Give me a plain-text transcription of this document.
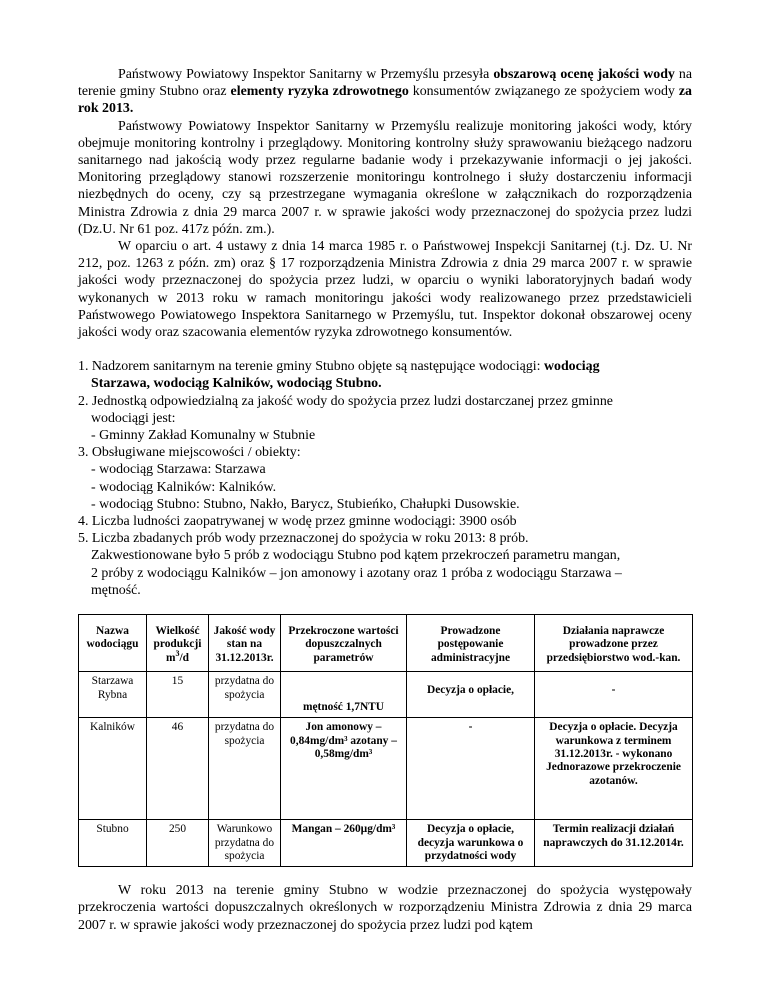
Państwowy Powiatowy Inspektor Sanitarny w Przemyślu przesyła obszarową ocenę jakości wody na terenie gminy Stubno oraz elementy ryzyka zdrowotnego konsumentów związanego ze spożyciem wody za rok 2013.

Państwowy Powiatowy Inspektor Sanitarny w Przemyślu realizuje monitoring jakości wody, który obejmuje monitoring kontrolny i przeglądowy. Monitoring kontrolny służy sprawowaniu bieżącego nadzoru sanitarnego nad jakością wody przez regularne badanie wody i przekazywanie informacji o jej jakości. Monitoring przeglądowy stanowi rozszerzenie monitoringu kontrolnego i służy dostarczeniu informacji niezbędnych do oceny, czy są przestrzegane wymagania określone w załącznikach do rozporządzenia Ministra Zdrowia z dnia 29 marca 2007 r. w sprawie jakości wody przeznaczonej do spożycia przez ludzi (Dz.U. Nr 61 poz. 417z późn. zm.).

W oparciu o art. 4 ustawy z dnia 14 marca 1985 r. o Państwowej Inspekcji Sanitarnej (t.j. Dz. U. Nr 212, poz. 1263 z późn. zm) oraz § 17 rozporządzenia Ministra Zdrowia z dnia 29 marca 2007 r. w sprawie jakości wody przeznaczonej do spożycia przez ludzi, w oparciu o wyniki laboratoryjnych badań wody wykonanych w 2013 roku w ramach monitoringu jakości wody realizowanego przez przedstawicieli Państwowego Powiatowego Inspektora Sanitarnego w Przemyślu, tut. Inspektor dokonał obszarowej oceny jakości wody oraz szacowania elementów ryzyka zdrowotnego konsumentów.

1. Nadzorem sanitarnym na terenie gminy Stubno objęte są następujące wodociągi: wodociąg
Starzawa, wodociąg Kalników, wodociąg Stubno.
2. Jednostką odpowiedzialną za jakość wody do spożycia przez ludzi dostarczanej przez gminne
wodociągi jest:
- Gminny Zakład Komunalny w Stubnie
3. Obsługiwane miejscowości / obiekty:
- wodociąg Starzawa: Starzawa
- wodociąg Kalników: Kalników.
- wodociąg Stubno: Stubno, Nakło, Barycz, Stubieńko, Chałupki Dusowskie.
4. Liczba ludności zaopatrywanej w wodę przez gminne wodociągi: 3900 osób
5. Liczba zbadanych prób wody przeznaczonej do spożycia w roku 2013: 8 prób.
Zakwestionowane było 5 prób z wodociągu Stubno pod kątem przekroczeń parametru mangan,
2 próby z wodociągu Kalników – jon amonowy i azotany oraz 1 próba z wodociągu Starzawa –
mętność.
Nazwa wodociągu	Wielkość produkcji $m^3/d$	Jakość wody stan na 31.12.2013r.	Przekroczone wartości dopuszczalnych parametrów	Prowadzone postępowanie administracyjne	Działania naprawcze prowadzone przez przedsiębiorstwo wod.-kan.
Starzawa Rybna	15	przydatna do spożycia	mętność 1,7NTU	Decyzja o opłacie,	-
Kalników	46	przydatna do spożycia	Jon amonowy – 0,84mg/dm³ azotany – 0,58mg/dm³	-	Decyzja o opłacie. Decyzja warunkowa z terminem 31.12.2013r. - wykonano Jednorazowe przekroczenie azotanów.
Stubno	250	Warunkowo przydatna do spożycia	Mangan – 260µg/dm³	Decyzja o opłacie, decyzja warunkowa o przydatności wody	Termin realizacji działań naprawczych do 31.12.2014r.

W roku 2013 na terenie gminy Stubno w wodzie przeznaczonej do spożycia występowały przekroczenia wartości dopuszczalnych określonych w rozporządzeniu Ministra Zdrowia z dnia 29 marca 2007 r. w sprawie jakości wody przeznaczonej do spożycia przez ludzi pod kątem
